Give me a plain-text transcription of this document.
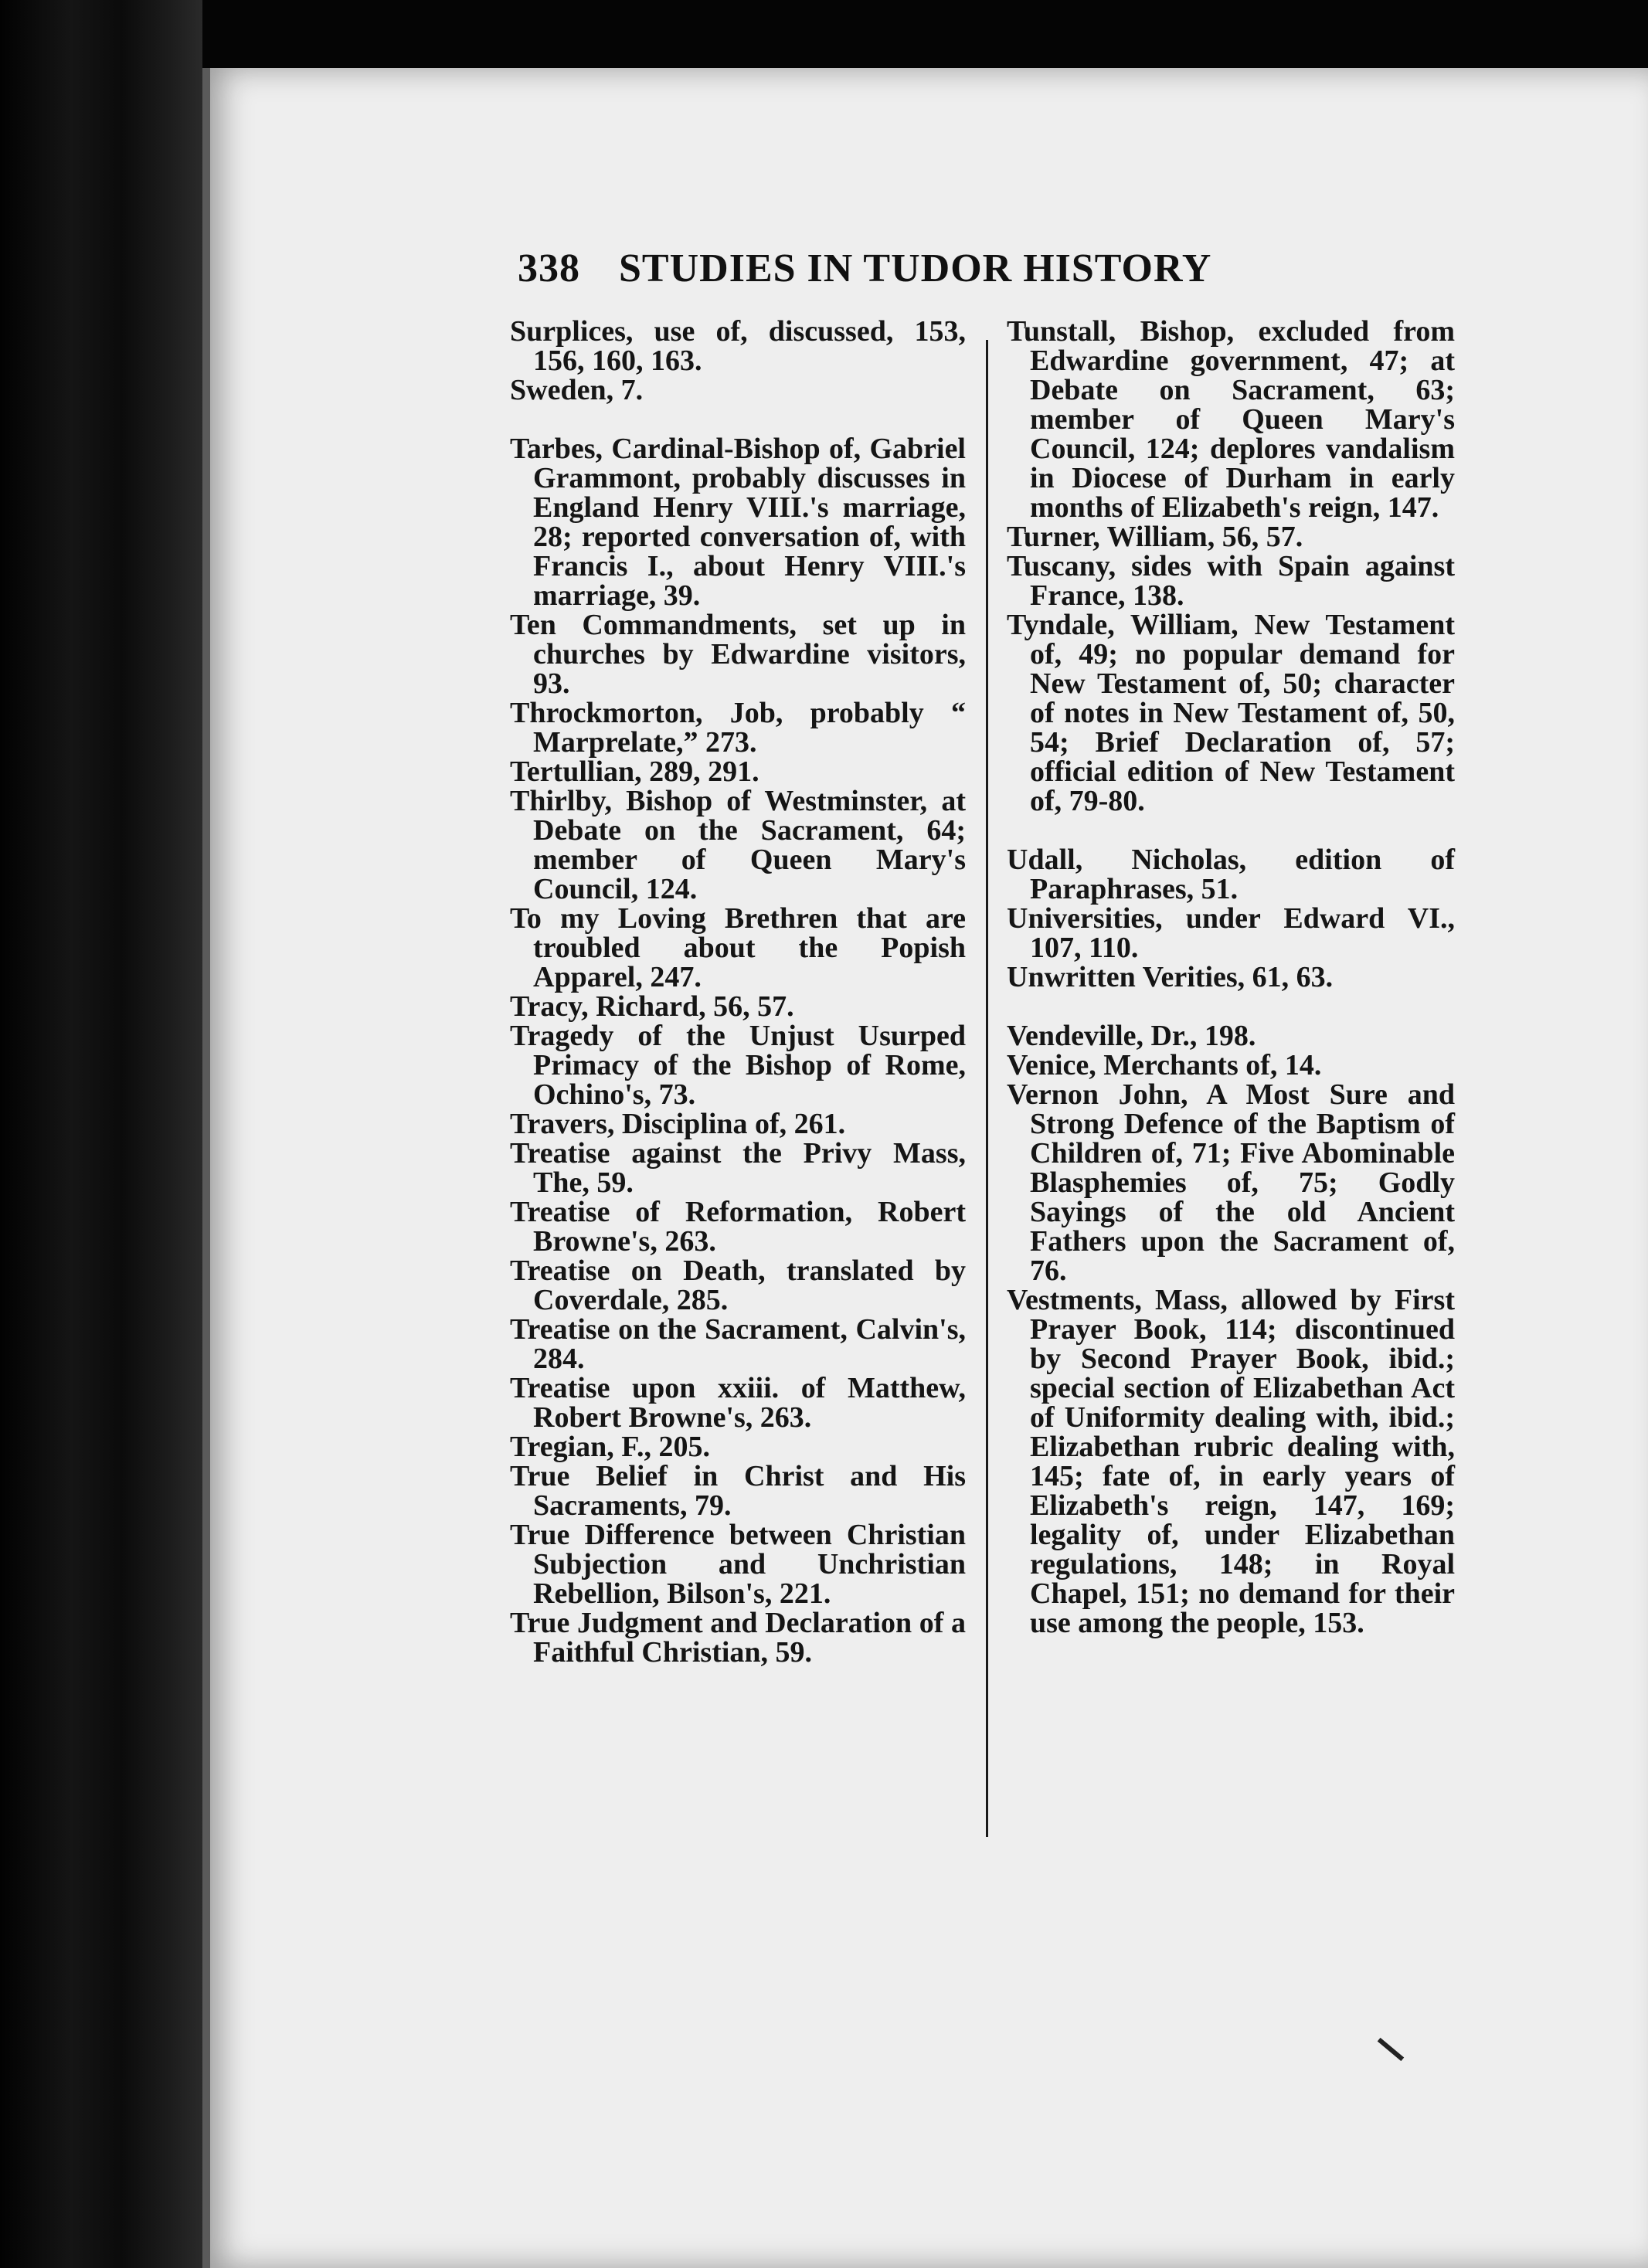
338 STUDIES IN TUDOR HISTORY

Surplices, use of, discussed, 153, 156, 160, 163.

Sweden, 7.

Tarbes, Cardinal-Bishop of, Gabriel Grammont, probably discusses in England Henry VIII.'s marriage, 28; reported conversation of, with Francis I., about Henry VIII.'s marriage, 39.

Ten Commandments, set up in churches by Edwardine visitors, 93.

Throckmorton, Job, probably “ Marprelate,” 273.

Tertullian, 289, 291.

Thirlby, Bishop of Westminster, at Debate on the Sacrament, 64; member of Queen Mary's Council, 124.

To my Loving Brethren that are troubled about the Popish Apparel, 247.

Tracy, Richard, 56, 57.

Tragedy of the Unjust Usurped Primacy of the Bishop of Rome, Ochino's, 73.

Travers, Disciplina of, 261.

Treatise against the Privy Mass, The, 59.

Treatise of Reformation, Robert Browne's, 263.

Treatise on Death, translated by Coverdale, 285.

Treatise on the Sacrament, Calvin's, 284.

Treatise upon xxiii. of Matthew, Robert Browne's, 263.

Tregian, F., 205.

True Belief in Christ and His Sacraments, 79.

True Difference between Christian Subjection and Unchristian Rebellion, Bilson's, 221.

True Judgment and Declaration of a Faithful Christian, 59.

Tunstall, Bishop, excluded from Edwardine government, 47; at Debate on Sacrament, 63; member of Queen Mary's Council, 124; deplores vandalism in Diocese of Durham in early months of Elizabeth's reign, 147.

Turner, William, 56, 57.

Tuscany, sides with Spain against France, 138.

Tyndale, William, New Testament of, 49; no popular demand for New Testament of, 50; character of notes in New Testament of, 50, 54; Brief Declaration of, 57; official edition of New Testament of, 79-80.

Udall, Nicholas, edition of Paraphrases, 51.

Universities, under Edward VI., 107, 110.

Unwritten Verities, 61, 63.

Vendeville, Dr., 198.

Venice, Merchants of, 14.

Vernon John, A Most Sure and Strong Defence of the Baptism of Children of, 71; Five Abominable Blasphemies of, 75; Godly Sayings of the old Ancient Fathers upon the Sacrament of, 76.

Vestments, Mass, allowed by First Prayer Book, 114; discontinued by Second Prayer Book, ibid.; special section of Elizabethan Act of Uniformity dealing with, ibid.; Elizabethan rubric dealing with, 145; fate of, in early years of Elizabeth's reign, 147, 169; legality of, under Elizabethan regulations, 148; in Royal Chapel, 151; no demand for their use among the people, 153.
